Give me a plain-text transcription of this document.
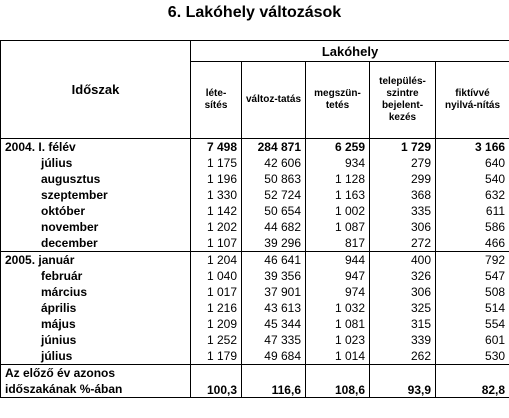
6. Lakóhely változások
Időszak	Lakóhely				
	léte-sítés	változ-tatás	megszün-tetés	település-szintre bejelent-kezés	fiktívvé nyilvá-nítás
2004. I. félév	7 498	284 871	6 259	1 729	3 166
július	1 175	42 606	934	279	640
augusztus	1 196	50 863	1 128	299	540
szeptember	1 330	52 724	1 163	368	632
október	1 142	50 654	1 002	335	611
november	1 202	44 682	1 087	306	586
december	1 107	39 296	817	272	466
2005. január	1 204	46 641	944	400	792
február	1 040	39 356	947	326	547
március	1 017	37 901	974	306	508
április	1 216	43 613	1 032	325	514
május	1 209	45 344	1 081	315	554
június	1 252	47 335	1 023	339	601
július	1 179	49 684	1 014	262	530
Az előző év azonos időszakának %-ában	100,3	116,6	108,6	93,9	82,8
